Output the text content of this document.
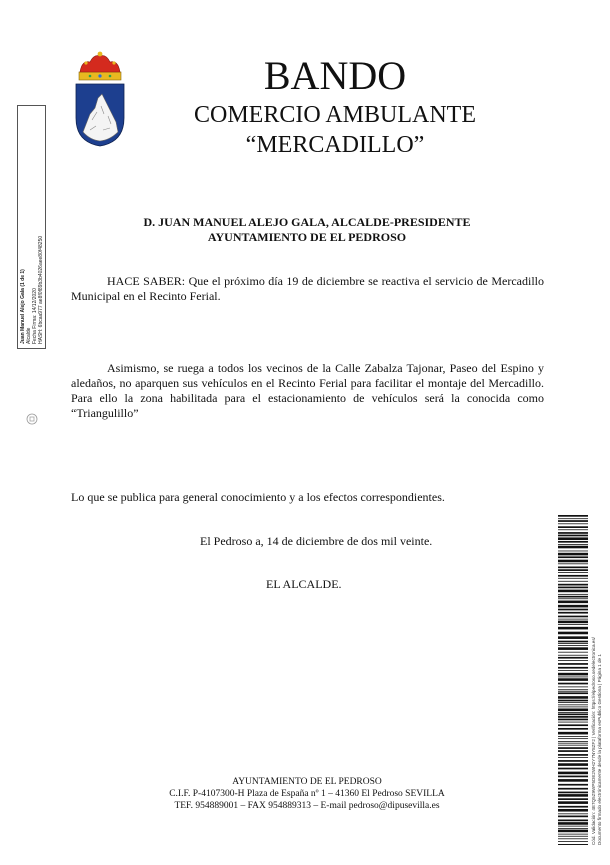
BANDO
COMERCIO AMBULANTE
“MERCADILLO”
D. JUAN MANUEL ALEJO GALA, ALCALDE-PRESIDENTE
AYUNTAMIENTO DE EL PEDROSO
HACE SABER: Que el próximo día 19 de diciembre se reactiva el servicio de Mercadillo Municipal en el Recinto Ferial.
Asimismo, se ruega a todos los vecinos de la Calle Zabalza Tajonar, Paseo del Espino y aledaños, no aparquen sus vehículos en el Recinto Ferial para facilitar el montaje del Mercadillo. Para ello la zona habilitada para el estacionamiento de vehículos será la conocida como “Triangulillo”
Lo que se publica para general conocimiento y a los efectos correspondientes.
El Pedroso a, 14 de diciembre de dos mil veinte.
EL ALCALDE.
AYUNTAMIENTO DE EL PEDROSO
C.I.F. P-4107300-H Plaza de España nº 1 – 41360 El Pedroso SEVILLA
TEF. 954889001 – FAX 954889313 – E-mail pedroso@dipusevilla.es
Juan Manuel Alejo Gala (1 de 1) Alcalde Fecha Firma: 14/12/2020 HASH: 6bcaa977 ae8f0f89b3b4026aee80f48250
Cód. Validación: 4E7Q5Z9WP5DE2WH2Y7NY8ZF2 | Verificación: https://elpedroso.sedelectronica.es/ Documento firmado electrónicamente desde la plataforma esPublico Gestiona | Página 1 de 1
